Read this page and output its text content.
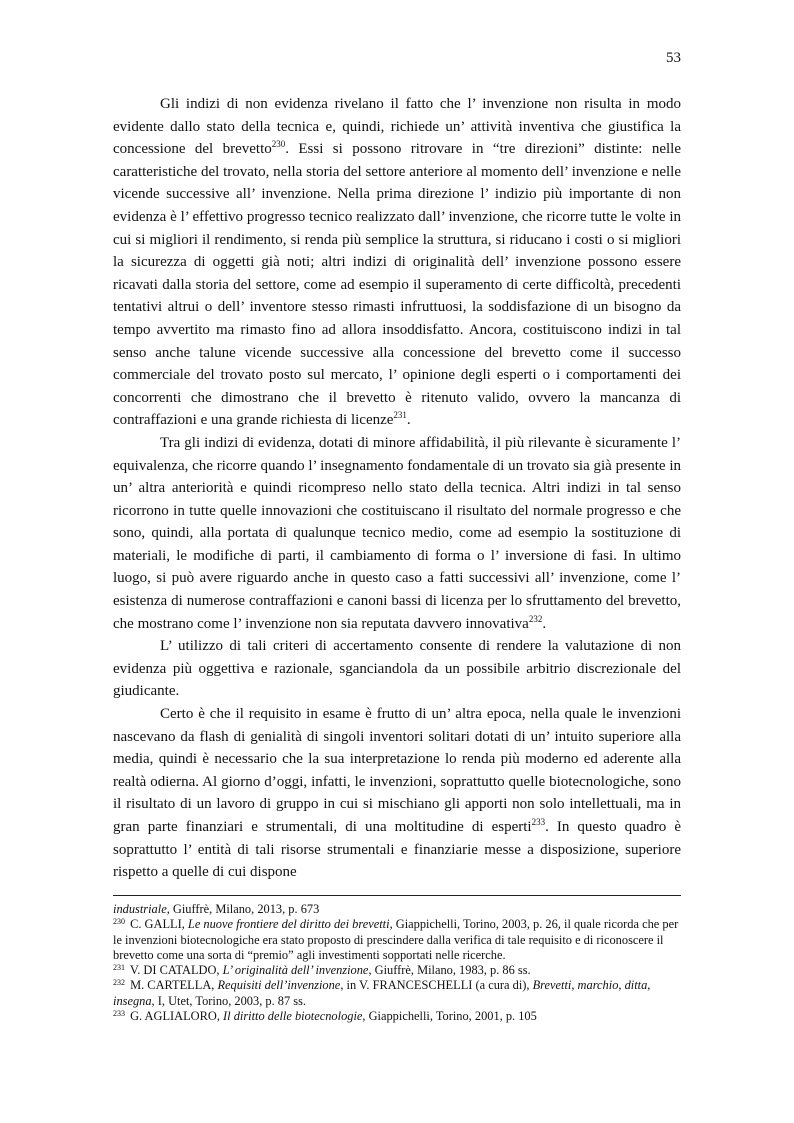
53

Gli indizi di non evidenza rivelano il fatto che l’ invenzione non risulta in modo evidente dallo stato della tecnica e, quindi, richiede un’ attività inventiva che giustifica la concessione del brevetto$^{230}$. Essi si possono ritrovare in “tre direzioni” distinte: nelle caratteristiche del trovato, nella storia del settore anteriore al momento dell’ invenzione e nelle vicende successive all’ invenzione. Nella prima direzione l’ indizio più importante di non evidenza è l’ effettivo progresso tecnico realizzato dall’ invenzione, che ricorre tutte le volte in cui si migliori il rendimento, si renda più semplice la struttura, si riducano i costi o si migliori la sicurezza di oggetti già noti; altri indizi di originalità dell’ invenzione possono essere ricavati dalla storia del settore, come ad esempio il superamento di certe difficoltà, precedenti tentativi altrui o dell’ inventore stesso rimasti infruttuosi, la soddisfazione di un bisogno da tempo avvertito ma rimasto fino ad allora insoddisfatto. Ancora, costituiscono indizi in tal senso anche talune vicende successive alla concessione del brevetto come il successo commerciale del trovato posto sul mercato, l’ opinione degli esperti o i comportamenti dei concorrenti che dimostrano che il brevetto è ritenuto valido, ovvero la mancanza di contraffazioni e una grande richiesta di licenze$^{231}$.

Tra gli indizi di evidenza, dotati di minore affidabilità, il più rilevante è sicuramente l’ equivalenza, che ricorre quando l’ insegnamento fondamentale di un trovato sia già presente in un’ altra anteriorità e quindi ricompreso nello stato della tecnica. Altri indizi in tal senso ricorrono in tutte quelle innovazioni che costituiscano il risultato del normale progresso e che sono, quindi, alla portata di qualunque tecnico medio, come ad esempio la sostituzione di materiali, le modifiche di parti, il cambiamento di forma o l’ inversione di fasi. In ultimo luogo, si può avere riguardo anche in questo caso a fatti successivi all’ invenzione, come l’ esistenza di numerose contraffazioni e canoni bassi di licenza per lo sfruttamento del brevetto, che mostrano come l’ invenzione non sia reputata davvero innovativa$^{232}$.

L’ utilizzo di tali criteri di accertamento consente di rendere la valutazione di non evidenza più oggettiva e razionale, sganciandola da un possibile arbitrio discrezionale del giudicante.

Certo è che il requisito in esame è frutto di un’ altra epoca, nella quale le invenzioni nascevano da flash di genialità di singoli inventori solitari dotati di un’ intuito superiore alla media, quindi è necessario che la sua interpretazione lo renda più moderno ed aderente alla realtà odierna. Al giorno d’oggi, infatti, le invenzioni, soprattutto quelle biotecnologiche, sono il risultato di un lavoro di gruppo in cui si mischiano gli apporti non solo intellettuali, ma in gran parte finanziari e strumentali, di una moltitudine di esperti$^{233}$. In questo quadro è soprattutto l’ entità di tali risorse strumentali e finanziarie messe a disposizione, superiore rispetto a quelle di cui dispone

industriale, Giuffrè, Milano, 2013, p. 673

$^{230}$ C. GALLI, Le nuove frontiere del diritto dei brevetti, Giappichelli, Torino, 2003, p. 26, il quale ricorda che per le invenzioni biotecnologiche era stato proposto di prescindere dalla verifica di tale requisito e di riconoscere il brevetto come una sorta di “premio” agli investimenti sopportati nelle ricerche.

$^{231}$ V. DI CATALDO, L’ originalità dell’ invenzione, Giuffrè, Milano, 1983, p. 86 ss.

$^{232}$ M. CARTELLA, Requisiti dell’invenzione, in V. FRANCESCHELLI (a cura di), Brevetti, marchio, ditta, insegna, I, Utet, Torino, 2003, p. 87 ss.

$^{233}$ G. AGLIALORO, Il diritto delle biotecnologie, Giappichelli, Torino, 2001, p. 105
